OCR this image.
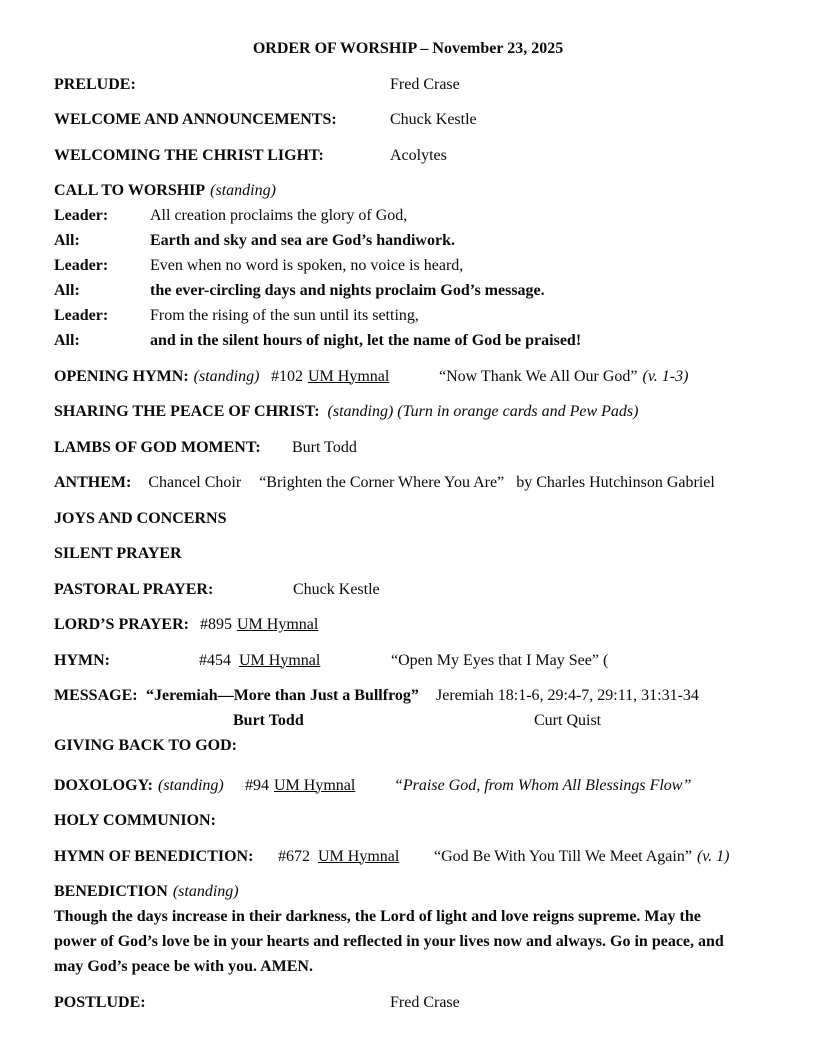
ORDER OF WORSHIP – November 23, 2025
PRELUDE:	Fred Crase
WELCOME AND ANNOUNCEMENTS:	Chuck Kestle
WELCOMING THE CHRIST LIGHT:	Acolytes
CALL TO WORSHIP (standing)
Leader:	All creation proclaims the glory of God,
All:	Earth and sky and sea are God’s handiwork.
Leader:	Even when no word is spoken, no voice is heard,
All:	the ever-circling days and nights proclaim God’s message.
Leader:	From the rising of the sun until its setting,
All:	and in the silent hours of night, let the name of God be praised!
OPENING HYMN: (standing) #102 UM Hymnal	“Now Thank We All Our God” (v. 1-3)
SHARING THE PEACE OF CHRIST: (standing) (Turn in orange cards and Pew Pads)
LAMBS OF GOD MOMENT: Burt Todd
ANTHEM: Chancel Choir “Brighten the Corner Where You Are” by Charles Hutchinson Gabriel
JOYS AND CONCERNS
SILENT PRAYER
PASTORAL PRAYER:	Chuck Kestle
LORD’S PRAYER: #895 UM Hymnal
HYMN:	#454 UM Hymnal	“Open My Eyes that I May See” (
MESSAGE: “Jeremiah—More than Just a Bullfrog” Jeremiah 18:1-6, 29:4-7, 29:11, 31:31-34
Burt Todd	Curt Quist
GIVING BACK TO GOD:
DOXOLOGY: (standing) #94 UM Hymnal “Praise God, from Whom All Blessings Flow”
HOLY COMMUNION:
HYMN OF BENEDICTION: #672 UM Hymnal “God Be With You Till We Meet Again” (v. 1)
BENEDICTION (standing)
Though the days increase in their darkness, the Lord of light and love reigns supreme. May the
power of God’s love be in your hearts and reflected in your lives now and always. Go in peace, and
may God’s peace be with you. AMEN.
POSTLUDE:	Fred Crase
